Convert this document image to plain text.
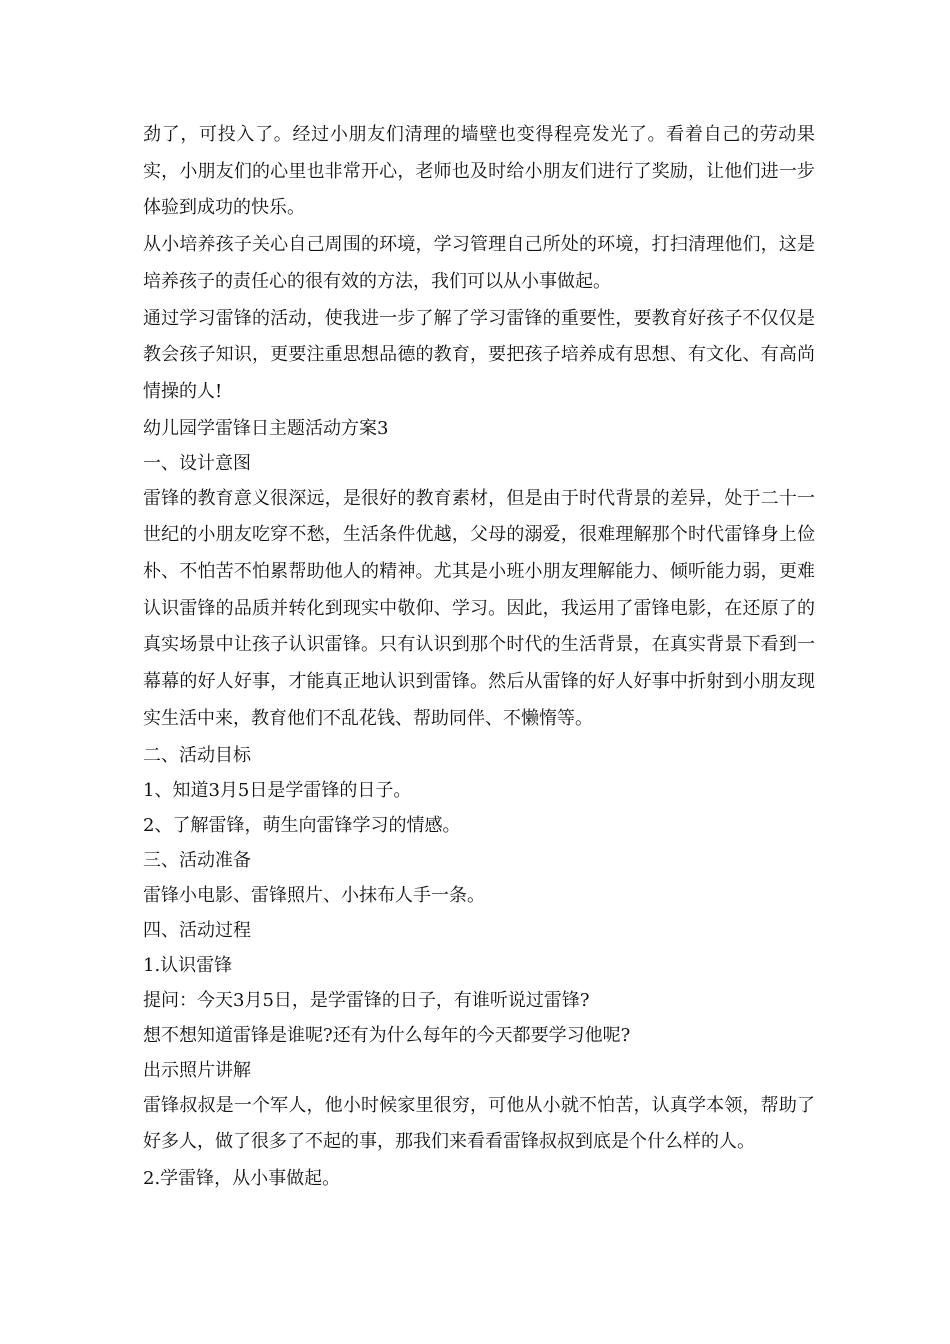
劲了，可投入了。经过小朋友们清理的墙壁也变得程亮发光了。看着自己的劳动果实，小朋友们的心里也非常开心，老师也及时给小朋友们进行了奖励，让他们进一步体验到成功的快乐。

从小培养孩子关心自己周围的环境，学习管理自己所处的环境，打扫清理他们，这是培养孩子的责任心的很有效的方法，我们可以从小事做起。

通过学习雷锋的活动，使我进一步了解了学习雷锋的重要性，要教育好孩子不仅仅是教会孩子知识，更要注重思想品德的教育，要把孩子培养成有思想、有文化、有高尚情操的人!

幼儿园学雷锋日主题活动方案3

一、设计意图

雷锋的教育意义很深远，是很好的教育素材，但是由于时代背景的差异，处于二十一世纪的小朋友吃穿不愁，生活条件优越，父母的溺爱，很难理解那个时代雷锋身上俭朴、不怕苦不怕累帮助他人的精神。尤其是小班小朋友理解能力、倾听能力弱，更难认识雷锋的品质并转化到现实中敬仰、学习。因此，我运用了雷锋电影，在还原了的真实场景中让孩子认识雷锋。只有认识到那个时代的生活背景，在真实背景下看到一幕幕的好人好事，才能真正地认识到雷锋。然后从雷锋的好人好事中折射到小朋友现实生活中来，教育他们不乱花钱、帮助同伴、不懒惰等。

二、活动目标

1、知道3月5日是学雷锋的日子。

2、了解雷锋，萌生向雷锋学习的情感。

三、活动准备

雷锋小电影、雷锋照片、小抹布人手一条。

四、活动过程

1.认识雷锋

提问：今天3月5日，是学雷锋的日子，有谁听说过雷锋?

想不想知道雷锋是谁呢?还有为什么每年的今天都要学习他呢?

出示照片讲解

雷锋叔叔是一个军人，他小时候家里很穷，可他从小就不怕苦，认真学本领，帮助了好多人，做了很多了不起的事，那我们来看看雷锋叔叔到底是个什么样的人。

2.学雷锋，从小事做起。
